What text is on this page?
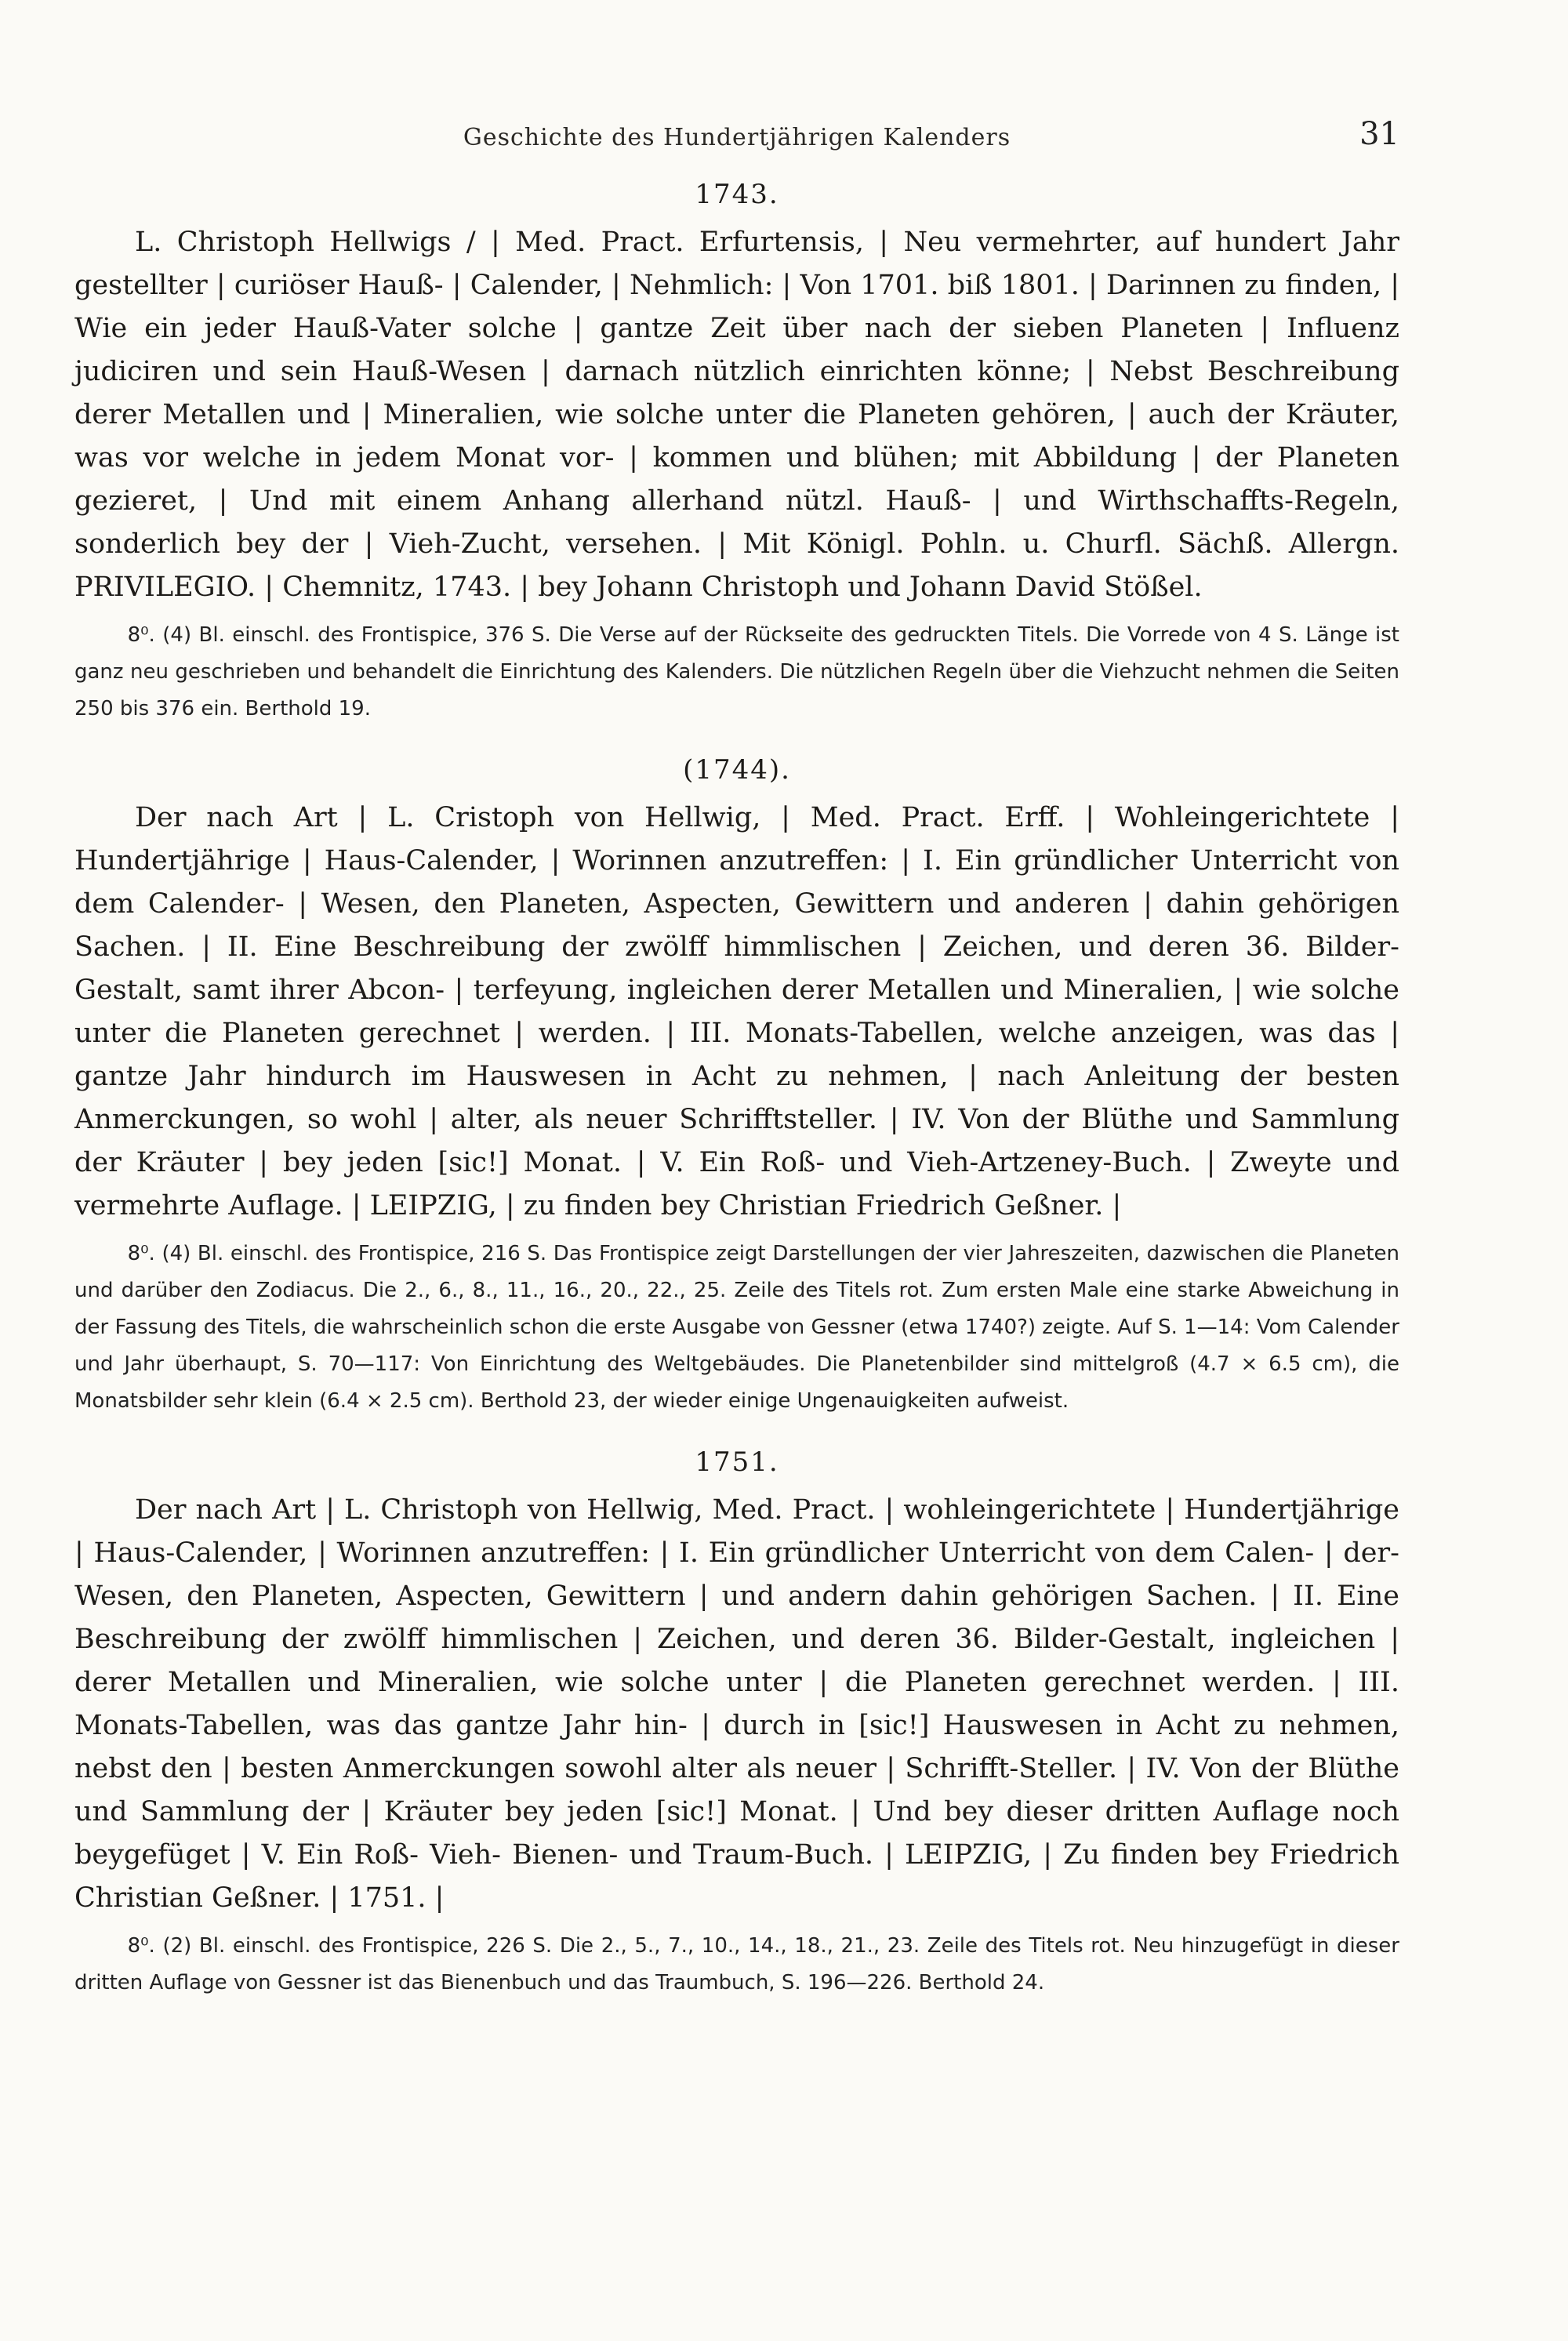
Geschichte des Hundertjährigen Kalenders	31
1743.

L. Christoph Hellwigs / | Med. Pract. Erfurtensis, | Neu vermehrter, auf hundert Jahr gestellter | curiöser Hauß- | Calender, | Nehmlich: | Von 1701. biß 1801. | Darinnen zu finden, | Wie ein jeder Hauß-Vater solche | gantze Zeit über nach der sieben Planeten | Influenz judiciren und sein Hauß-Wesen | darnach nützlich einrichten könne; | Nebst Beschreibung derer Metallen und | Mineralien, wie solche unter die Planeten gehören, | auch der Kräuter, was vor welche in jedem Monat vor- | kommen und blühen; mit Abbildung | der Planeten gezieret, | Und mit einem Anhang allerhand nützl. Hauß- | und Wirthschaffts-Regeln, sonderlich bey der | Vieh-Zucht, versehen. | Mit Königl. Pohln. u. Churfl. Sächß. Allergn. PRIVILEGIO. | Chemnitz, 1743. | bey Johann Christoph und Johann David Stößel.

8⁰. (4) Bl. einschl. des Frontispice, 376 S. Die Verse auf der Rückseite des gedruckten Titels. Die Vorrede von 4 S. Länge ist ganz neu geschrieben und behandelt die Einrichtung des Kalenders. Die nützlichen Regeln über die Viehzucht nehmen die Seiten 250 bis 376 ein. Berthold 19.

(1744).

Der nach Art | L. Cristoph von Hellwig, | Med. Pract. Erff. | Wohleingerichtete | Hundertjährige | Haus-Calender, | Worinnen anzutreffen: | I. Ein gründlicher Unterricht von dem Calender- | Wesen, den Planeten, Aspecten, Gewittern und anderen | dahin gehörigen Sachen. | II. Eine Beschreibung der zwölff himmlischen | Zeichen, und deren 36. Bilder-Gestalt, samt ihrer Abcon- | terfeyung, ingleichen derer Metallen und Mineralien, | wie solche unter die Planeten gerechnet | werden. | III. Monats-Tabellen, welche anzeigen, was das | gantze Jahr hindurch im Hauswesen in Acht zu nehmen, | nach Anleitung der besten Anmerckungen, so wohl | alter, als neuer Schrifftsteller. | IV. Von der Blüthe und Sammlung der Kräuter | bey jeden [sic!] Monat. | V. Ein Roß- und Vieh-Artzeney-Buch. | Zweyte und vermehrte Auflage. | LEIPZIG, | zu finden bey Christian Friedrich Geßner. |

8⁰. (4) Bl. einschl. des Frontispice, 216 S. Das Frontispice zeigt Darstellungen der vier Jahreszeiten, dazwischen die Planeten und darüber den Zodiacus. Die 2., 6., 8., 11., 16., 20., 22., 25. Zeile des Titels rot. Zum ersten Male eine starke Abweichung in der Fassung des Titels, die wahrscheinlich schon die erste Ausgabe von Gessner (etwa 1740?) zeigte. Auf S. 1—14: Vom Calender und Jahr überhaupt, S. 70—117: Von Einrichtung des Weltgebäudes. Die Planetenbilder sind mittelgroß (4.7 × 6.5 cm), die Monatsbilder sehr klein (6.4 × 2.5 cm). Berthold 23, der wieder einige Ungenauigkeiten aufweist.

1751.

Der nach Art | L. Christoph von Hellwig, Med. Pract. | wohleingerichtete | Hundertjährige | Haus-Calender, | Worinnen anzutreffen: | I. Ein gründlicher Unterricht von dem Calen- | der-Wesen, den Planeten, Aspecten, Gewittern | und andern dahin gehörigen Sachen. | II. Eine Beschreibung der zwölff himmlischen | Zeichen, und deren 36. Bilder-Gestalt, ingleichen | derer Metallen und Mineralien, wie solche unter | die Planeten gerechnet werden. | III. Monats-Tabellen, was das gantze Jahr hin- | durch in [sic!] Hauswesen in Acht zu nehmen, nebst den | besten Anmerckungen sowohl alter als neuer | Schrifft-Steller. | IV. Von der Blüthe und Sammlung der | Kräuter bey jeden [sic!] Monat. | Und bey dieser dritten Auflage noch beygefüget | V. Ein Roß- Vieh- Bienen- und Traum-Buch. | LEIPZIG, | Zu finden bey Friedrich Christian Geßner. | 1751. |

8⁰. (2) Bl. einschl. des Frontispice, 226 S. Die 2., 5., 7., 10., 14., 18., 21., 23. Zeile des Titels rot. Neu hinzugefügt in dieser dritten Auflage von Gessner ist das Bienenbuch und das Traumbuch, S. 196—226. Berthold 24.
